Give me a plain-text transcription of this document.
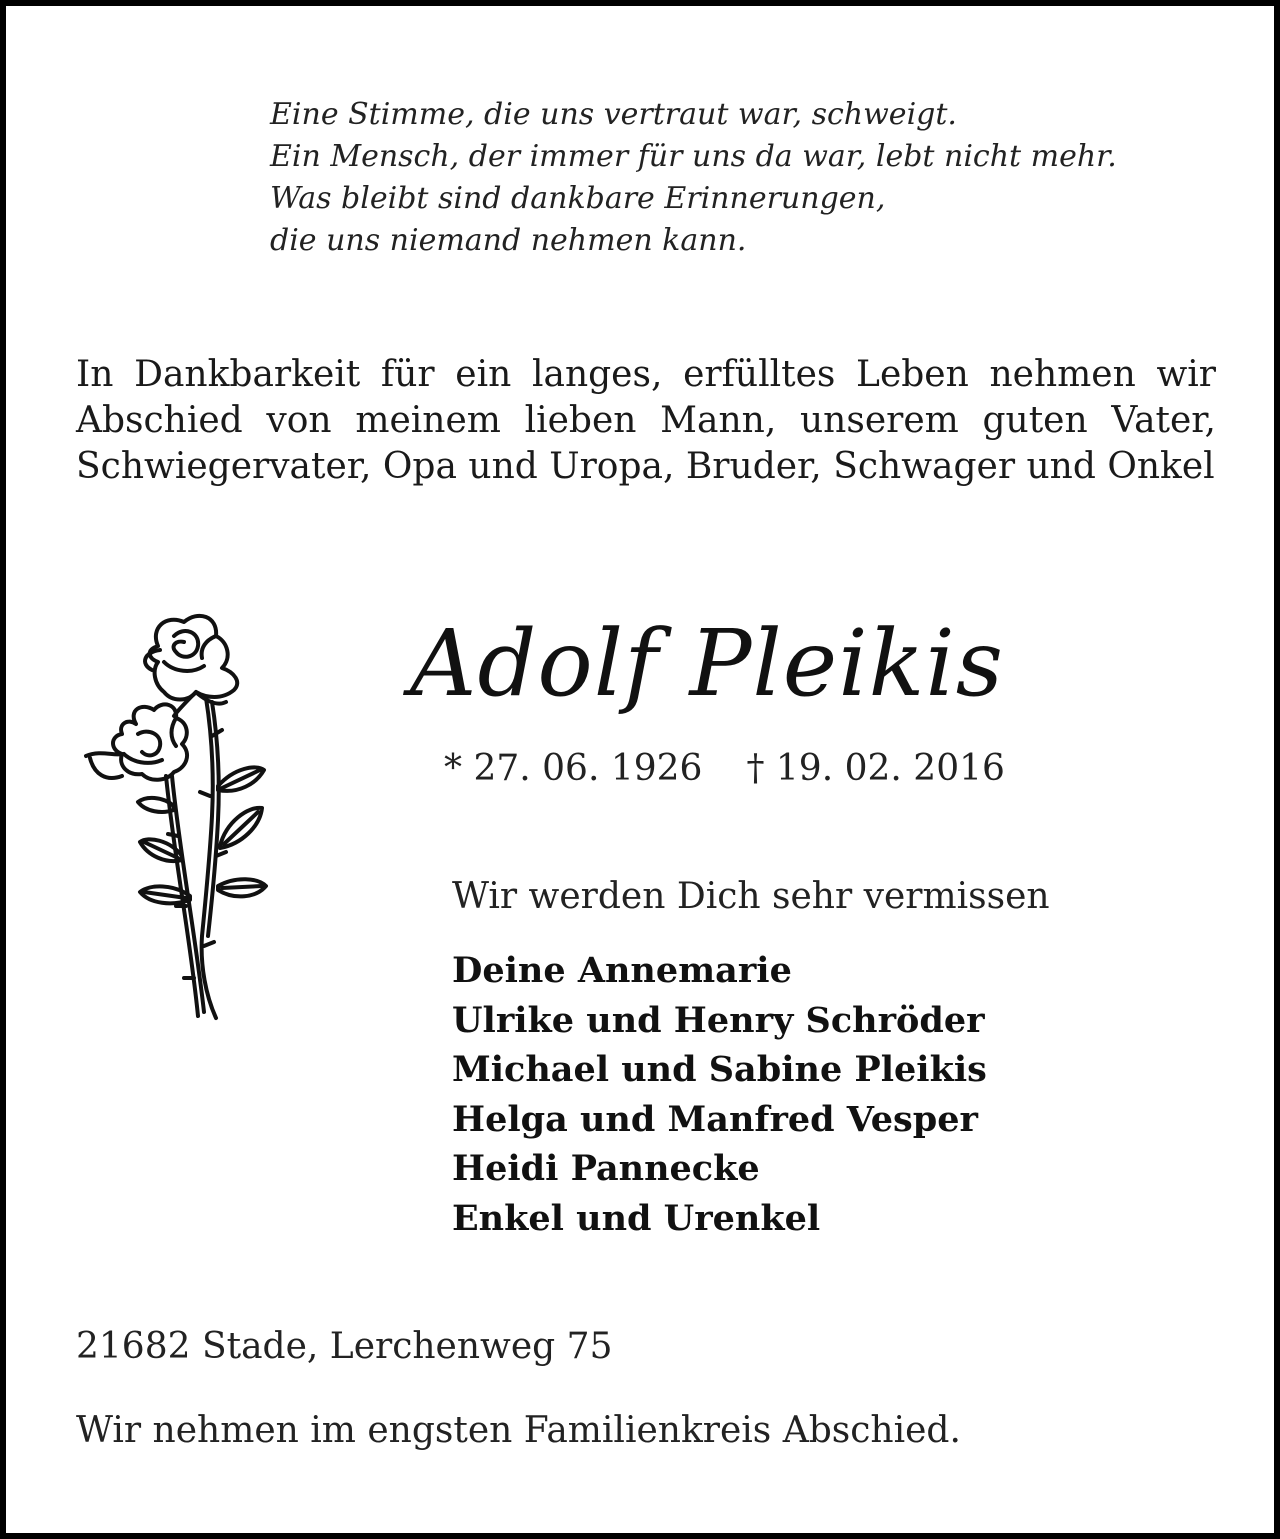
Eine Stimme, die uns vertraut war, schweigt.
Ein Mensch, der immer für uns da war, lebt nicht mehr.
Was bleibt sind dankbare Erinnerungen,
die uns niemand nehmen kann.
In Dankbarkeit für ein langes, erfülltes Leben nehmen wir Abschied von meinem lieben Mann, unserem guten Vater, Schwiegervater, Opa und Uropa, Bruder, Schwager und Onkel
Adolf Pleikis
* 27. 06. 1926 † 19. 02. 2016
Wir werden Dich sehr vermissen
Deine Annemarie
Ulrike und Henry Schröder
Michael und Sabine Pleikis
Helga und Manfred Vesper
Heidi Pannecke
Enkel und Urenkel
21682 Stade, Lerchenweg 75
Wir nehmen im engsten Familienkreis Abschied.
